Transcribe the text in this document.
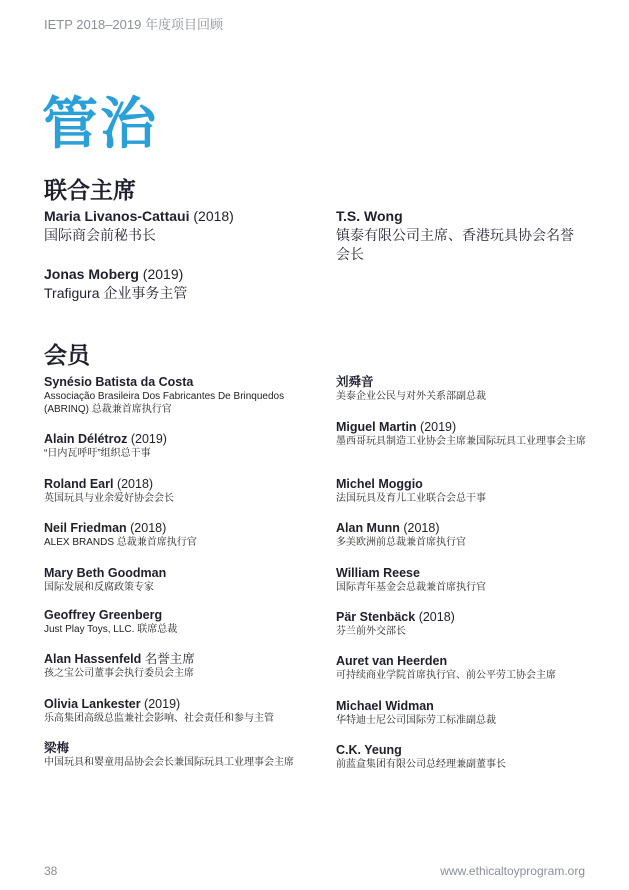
IETP 2018–2019 年度项目回顾
管治
联合主席
Maria Livanos-Cattaui (2018)
国际商会前秘书长
Jonas Moberg (2019)
Trafigura 企业事务主管
T.S. Wong
镇泰有限公司主席、香港玩具协会名誉会长
会员
Synésio Batista da Costa
Associação Brasileira Dos Fabricantes De Brinquedos (ABRINQ) 总裁兼首席执行官
Alain Délétroz (2019)
“日内瓦呼吁”组织总干事
Roland Earl (2018)
英国玩具与业余爱好协会会长
Neil Friedman (2018)
ALEX BRANDS 总裁兼首席执行官
Mary Beth Goodman
国际发展和反腐政策专家
Geoffrey Greenberg
Just Play Toys, LLC. 联席总裁
Alan Hassenfeld 名誉主席
孩之宝公司董事会执行委员会主席
Olivia Lankester (2019)
乐高集团高级总监兼社会影响、社会责任和参与主管
梁梅
中国玩具和婴童用品协会会长兼国际玩具工业理事会主席
刘舜音
美泰企业公民与对外关系部副总裁
Miguel Martin (2019)
墨西哥玩具制造工业协会主席兼国际玩具工业理事会主席
Michel Moggio
法国玩具及育儿工业联合会总干事
Alan Munn (2018)
多美欧洲前总裁兼首席执行官
William Reese
国际青年基金会总裁兼首席执行官
Pär Stenbäck (2018)
芬兰前外交部长
Auret van Heerden
可持续商业学院首席执行官、前公平劳工协会主席
Michael Widman
华特迪士尼公司国际劳工标准副总裁
C.K. Yeung
前蓝盒集团有限公司总经理兼副董事长
38	www.ethicaltoyprogram.org
